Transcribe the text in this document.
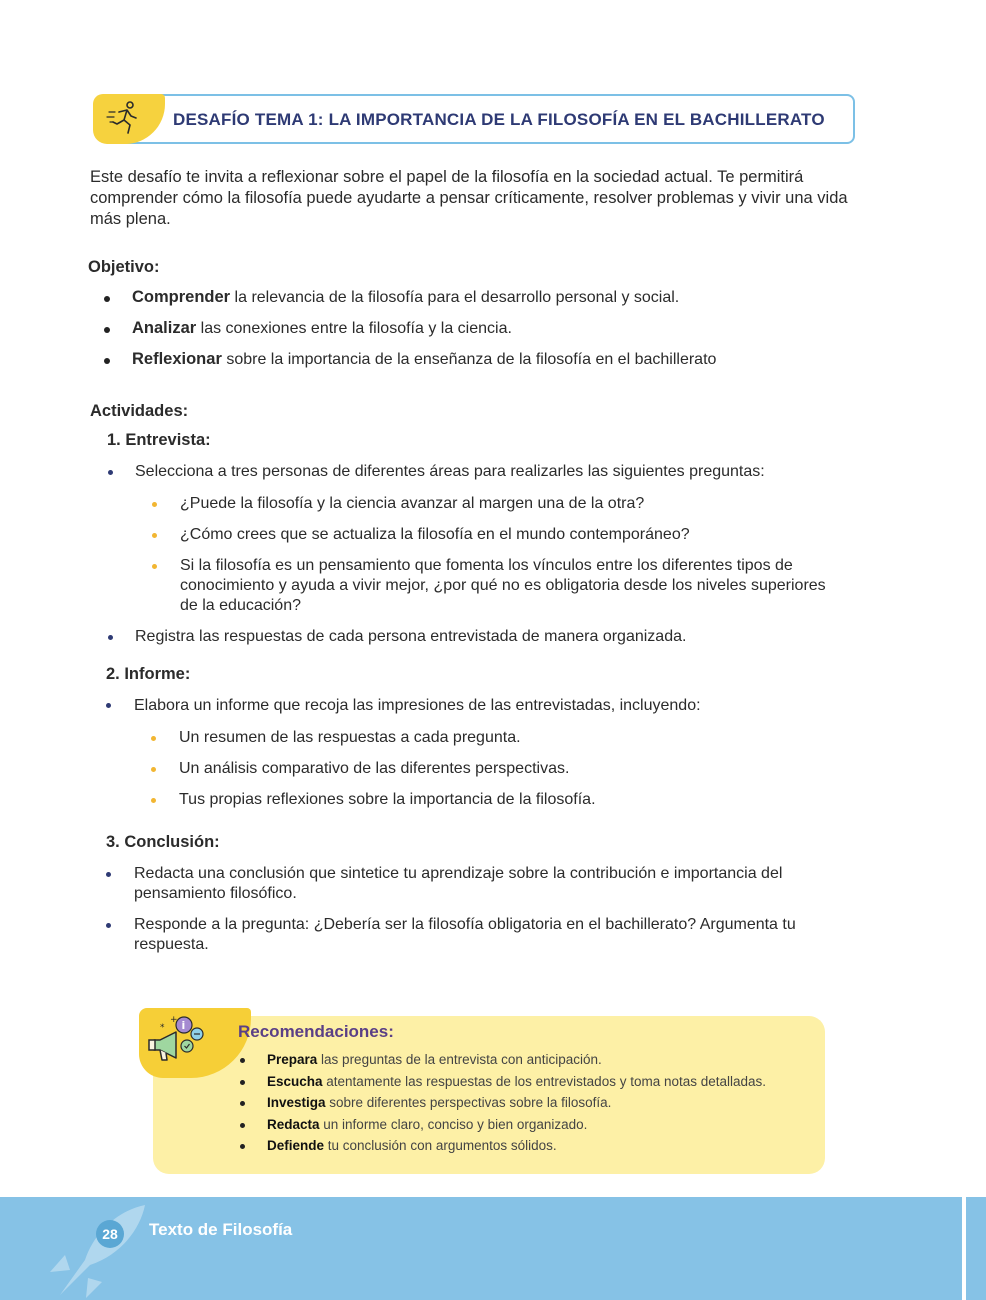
DESAFÍO TEMA 1: LA IMPORTANCIA DE LA FILOSOFÍA EN EL BACHILLERATO
Este desafío te invita a reflexionar sobre el papel de la filosofía en la sociedad actual. Te permitirá comprender cómo la filosofía puede ayudarte a pensar críticamente, resolver problemas y vivir una vida más plena.
Objetivo:
Comprender la relevancia de la filosofía para el desarrollo personal y social.
Analizar las conexiones entre la filosofía y la ciencia.
Reflexionar sobre la importancia de la enseñanza de la filosofía en el bachillerato
Actividades:
1. Entrevista:
Selecciona a tres personas de diferentes áreas para realizarles las siguientes preguntas:
¿Puede la filosofía y la ciencia avanzar al margen una de la otra?
¿Cómo crees que se actualiza la filosofía en el mundo contemporáneo?
Si la filosofía es un pensamiento que fomenta los vínculos entre los diferentes tipos de conocimiento y ayuda a vivir mejor, ¿por qué no es obligatoria desde los niveles superiores de la educación?
Registra las respuestas de cada persona entrevistada de manera organizada.
2. Informe:
Elabora un informe que recoja las impresiones de las entrevistadas, incluyendo:
Un resumen de las respuestas a cada pregunta.
Un análisis comparativo de las diferentes perspectivas.
Tus propias reflexiones sobre la importancia de la filosofía.
3. Conclusión:
Redacta una conclusión que sintetice tu aprendizaje sobre la contribución e importancia del pensamiento filosófico.
Responde a la pregunta: ¿Debería ser la filosofía obligatoria en el bachillerato? Argumenta tu respuesta.
i
*
+
Recomendaciones:
Prepara las preguntas de la entrevista con anticipación.
Escucha atentamente las respuestas de los entrevistados y toma notas detalladas.
Investiga sobre diferentes perspectivas sobre la filosofía.
Redacta un informe claro, conciso y bien organizado.
Defiende tu conclusión con argumentos sólidos.
28	Texto de Filosofía
